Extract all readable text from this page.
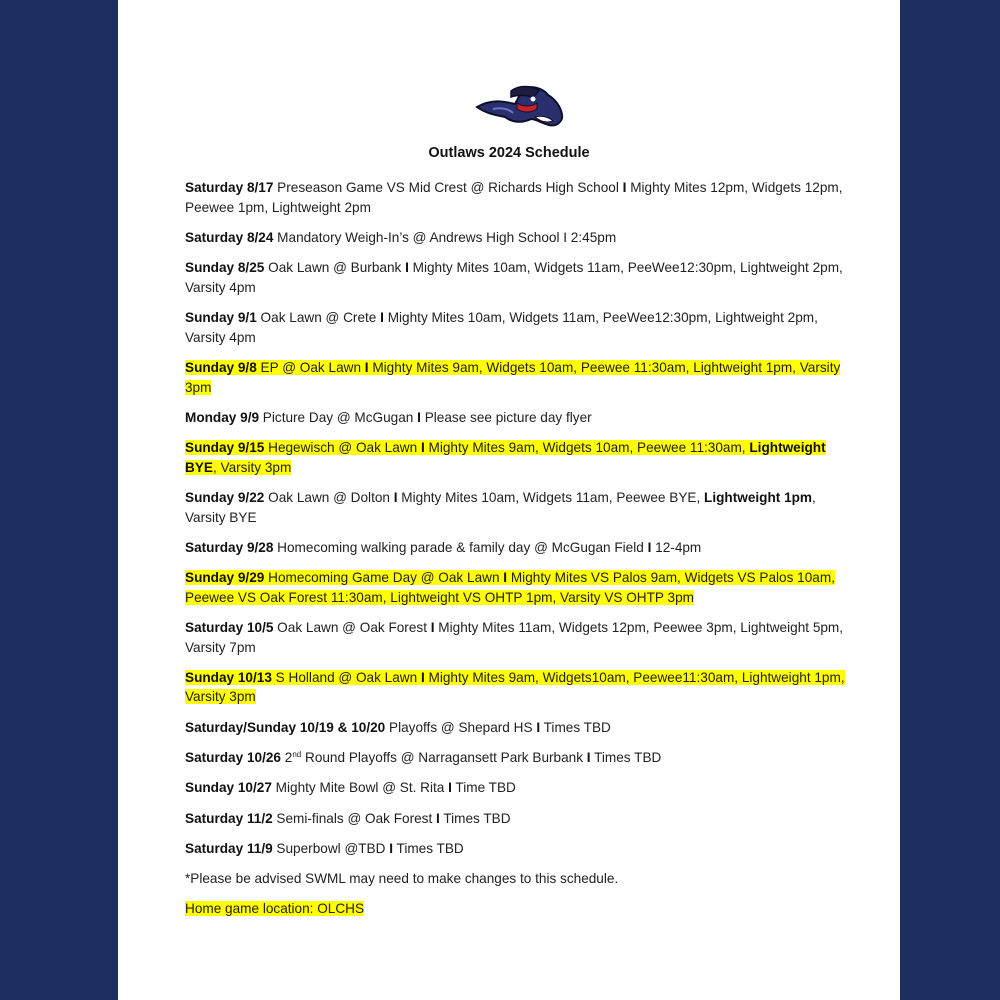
Outlaws 2024 Schedule
Saturday 8/17 Preseason Game VS Mid Crest @ Richards High School I Mighty Mites 12pm, Widgets 12pm, Peewee 1pm, Lightweight 2pm
Saturday 8/24 Mandatory Weigh-In’s @ Andrews High School I 2:45pm
Sunday 8/25 Oak Lawn @ Burbank I Mighty Mites 10am, Widgets 11am, PeeWee12:30pm, Lightweight 2pm, Varsity 4pm
Sunday 9/1 Oak Lawn @ Crete I Mighty Mites 10am, Widgets 11am, PeeWee12:30pm, Lightweight 2pm, Varsity 4pm
Sunday 9/8 EP @ Oak Lawn I Mighty Mites 9am, Widgets 10am, Peewee 11:30am, Lightweight 1pm, Varsity 3pm
Monday 9/9 Picture Day @ McGugan I Please see picture day flyer
Sunday 9/15 Hegewisch @ Oak Lawn I Mighty Mites 9am, Widgets 10am, Peewee 11:30am, Lightweight BYE, Varsity 3pm
Sunday 9/22 Oak Lawn @ Dolton I Mighty Mites 10am, Widgets 11am, Peewee BYE, Lightweight 1pm, Varsity BYE
Saturday 9/28 Homecoming walking parade & family day @ McGugan Field I 12-4pm
Sunday 9/29 Homecoming Game Day @ Oak Lawn I Mighty Mites VS Palos 9am, Widgets VS Palos 10am, Peewee VS Oak Forest 11:30am, Lightweight VS OHTP 1pm, Varsity VS OHTP 3pm
Saturday 10/5 Oak Lawn @ Oak Forest I Mighty Mites 11am, Widgets 12pm, Peewee 3pm, Lightweight 5pm, Varsity 7pm
Sunday 10/13 S Holland @ Oak Lawn I Mighty Mites 9am, Widgets10am, Peewee11:30am, Lightweight 1pm, Varsity 3pm
Saturday/Sunday 10/19 & 10/20 Playoffs @ Shepard HS I Times TBD
Saturday 10/26 2nd Round Playoffs @ Narragansett Park Burbank I Times TBD
Sunday 10/27 Mighty Mite Bowl @ St. Rita I Time TBD
Saturday 11/2 Semi-finals @ Oak Forest I Times TBD
Saturday 11/9 Superbowl @TBD I Times TBD
*Please be advised SWML may need to make changes to this schedule.
Home game location: OLCHS
